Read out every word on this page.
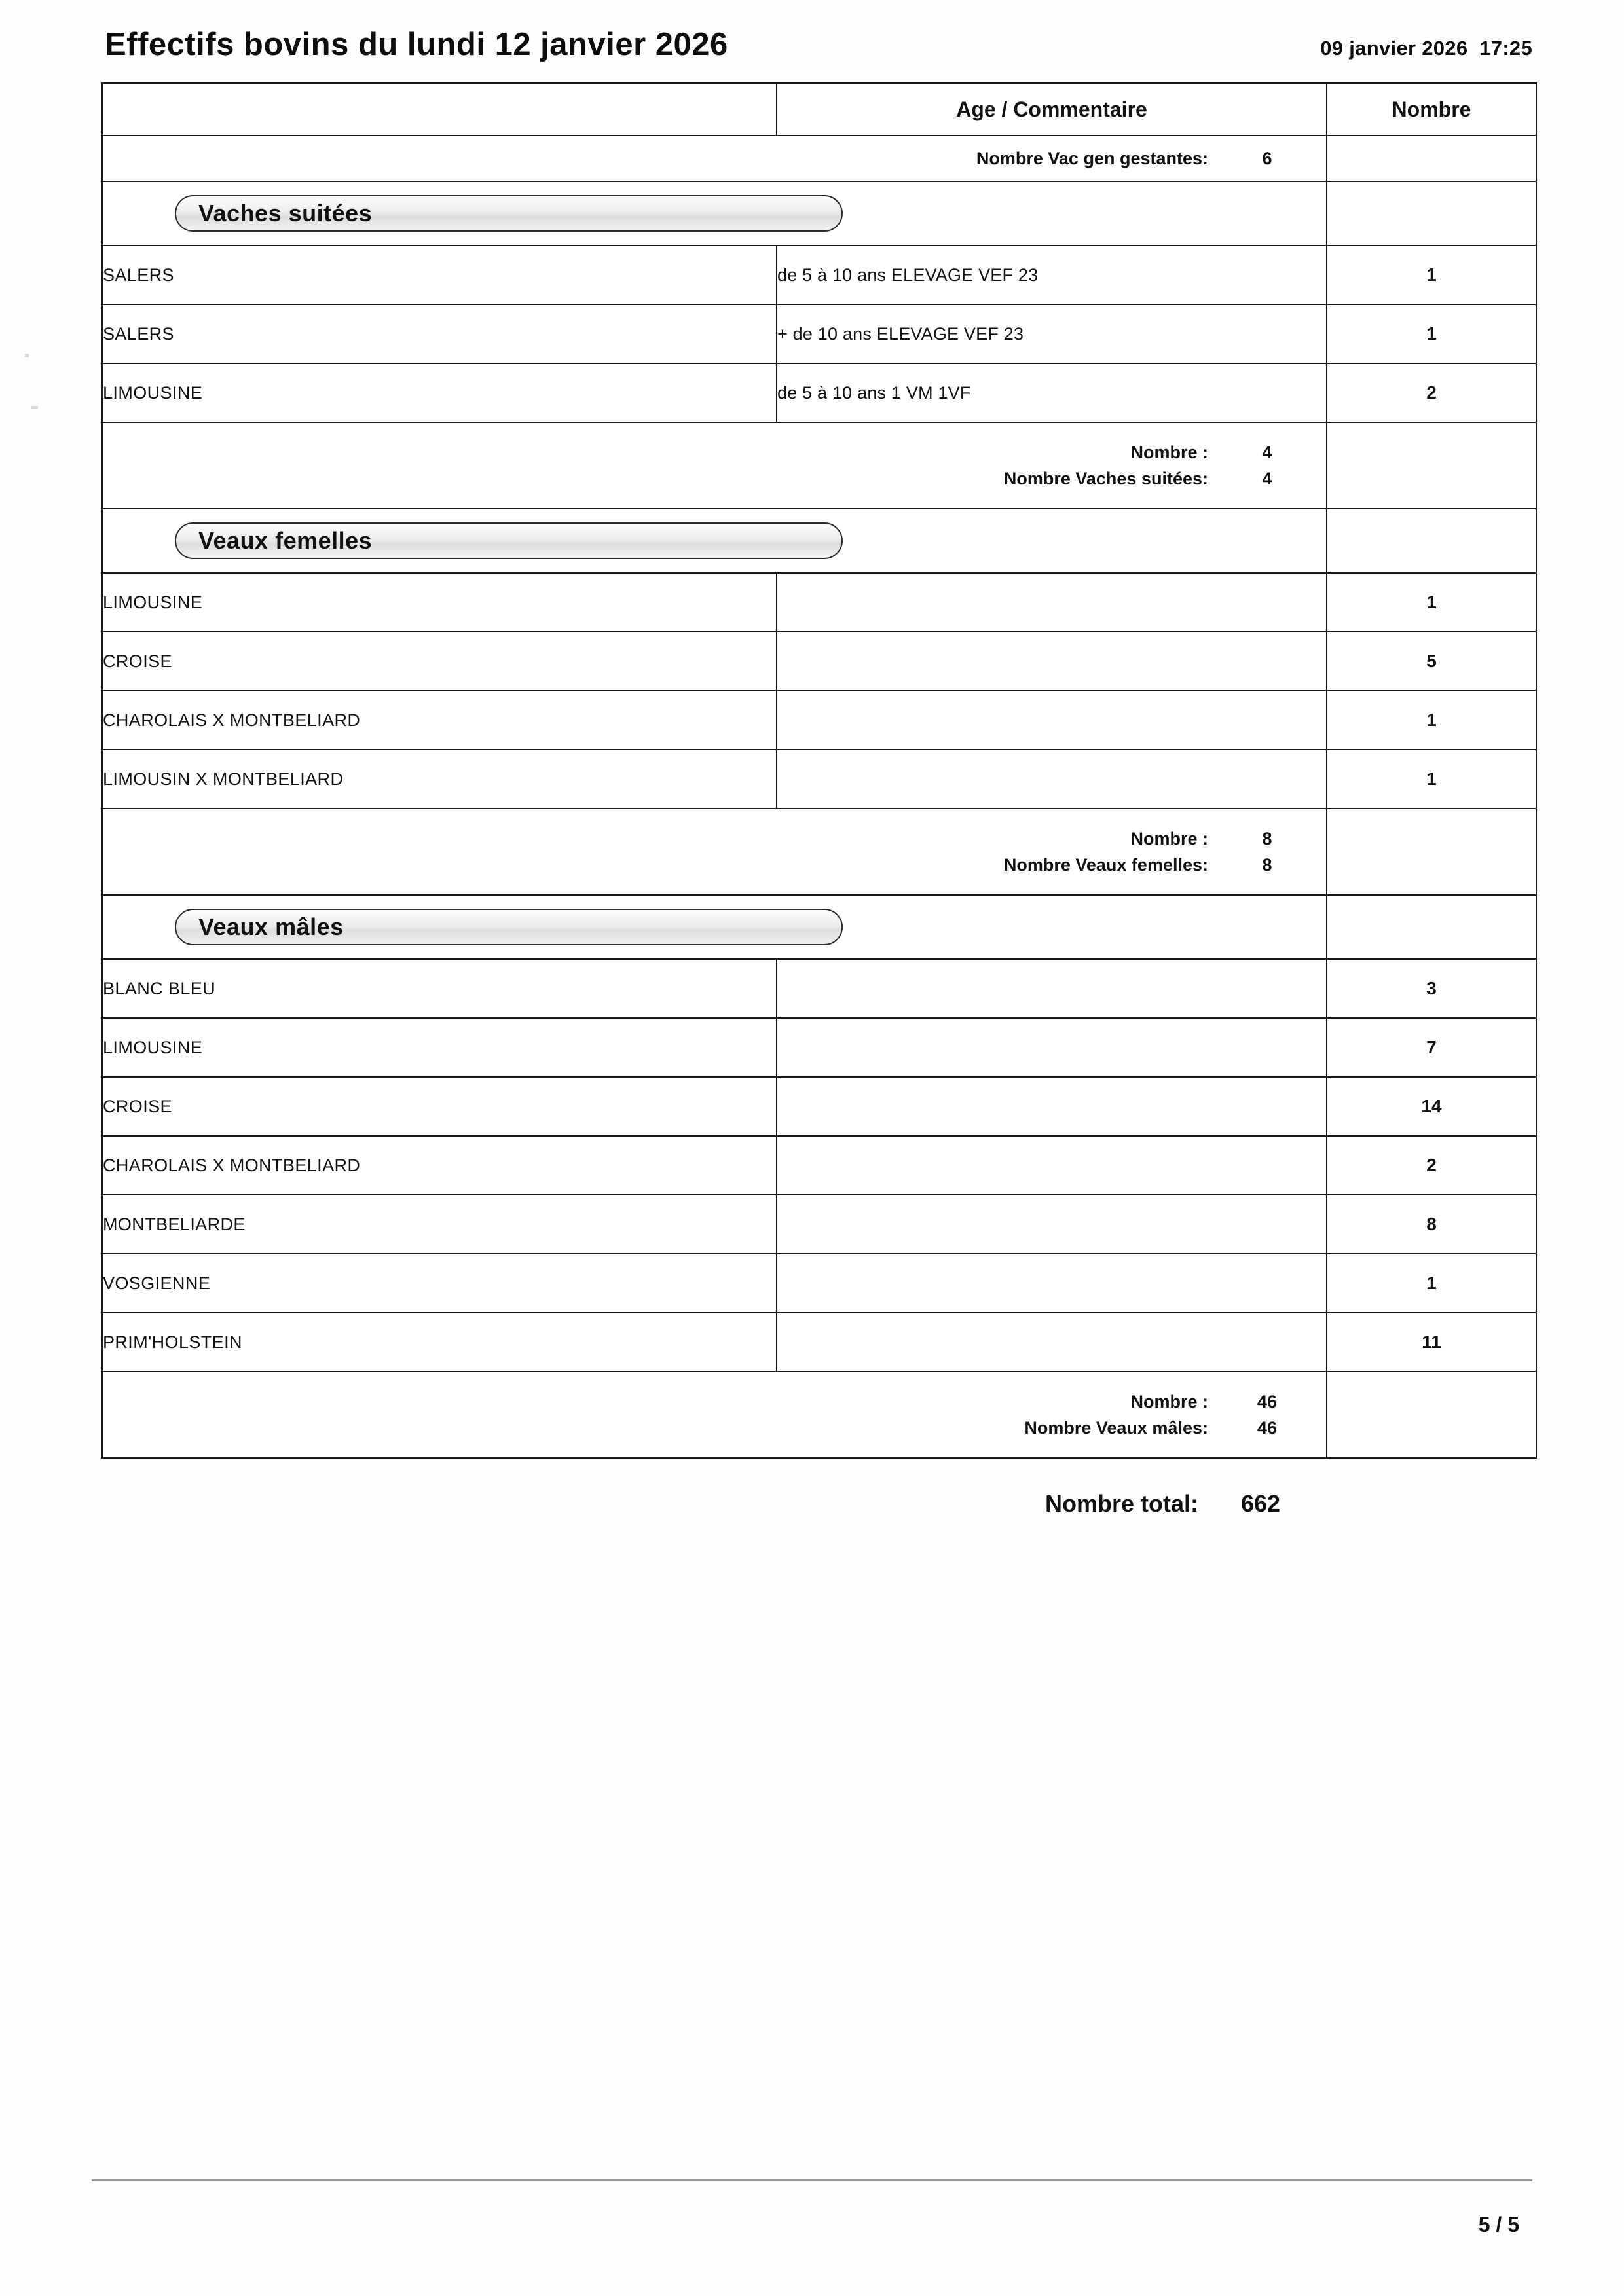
Effectifs bovins du lundi 12 janvier 2026	09 janvier 2026  17:25
	Age / Commentaire	Nombre

Nombre Vac gen gestantes: 6		

Vaches suitées		

SALERS	de 5 à 10 ans ELEVAGE VEF 23	1
SALERS	+ de 10 ans ELEVAGE VEF 23	1
LIMOUSINE	de 5 à 10 ans 1 VM 1VF	2

Nombre : 4
Nombre Vaches suitées: 4		

Veaux femelles		

LIMOUSINE		1
CROISE		5
CHAROLAIS X MONTBELIARD		1
LIMOUSIN X MONTBELIARD		1

Nombre : 8
Nombre Veaux femelles: 8		

Veaux mâles		

BLANC BLEU		3
LIMOUSINE		7
CROISE		14
CHAROLAIS X MONTBELIARD		2
MONTBELIARDE		8
VOSGIENNE		1
PRIM'HOLSTEIN		11

Nombre : 46
Nombre Veaux mâles: 46		

Nombre total:	662
5 / 5
